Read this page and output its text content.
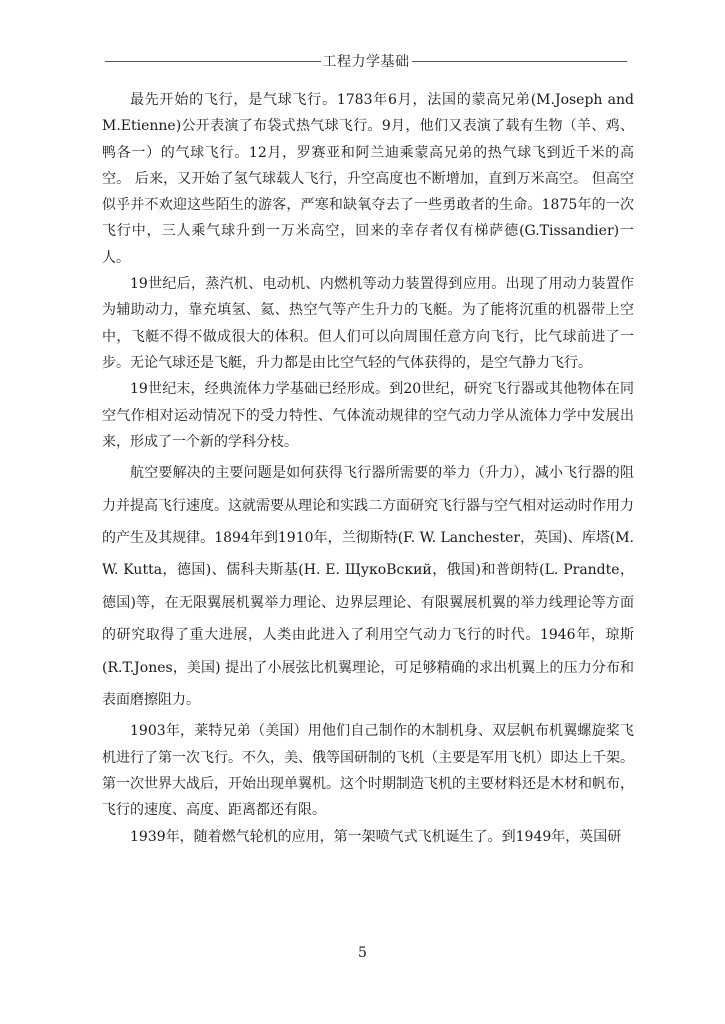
工程力学基础

最先开始的飞行，是气球飞行。1783年6月，法国的蒙高兄弟(M.Joseph and M.Etienne)公开表演了布袋式热气球飞行。9月，他们又表演了载有生物（羊、鸡、鸭各一）的气球飞行。12月，罗赛亚和阿兰迪乘蒙高兄弟的热气球飞到近千米的高空。 后来，又开始了氢气球载人飞行，升空高度也不断增加，直到万米高空。 但高空似乎并不欢迎这些陌生的游客，严寒和缺氧夺去了一些勇敢者的生命。1875年的一次飞行中，三人乘气球升到一万米高空，回来的幸存者仅有梯萨德(G.Tissandier)一人。

19世纪后，蒸汽机、电动机、内燃机等动力装置得到应用。出现了用动力装置作为辅助动力，靠充填氢、氦、热空气等产生升力的飞艇。为了能将沉重的机器带上空中，飞艇不得不做成很大的体积。但人们可以向周围任意方向飞行，比气球前进了一步。无论气球还是飞艇，升力都是由比空气轻的气体获得的，是空气静力飞行。

19世纪末，经典流体力学基础已经形成。到20世纪，研究飞行器或其他物体在同空气作相对运动情况下的受力特性、气体流动规律的空气动力学从流体力学中发展出来，形成了一个新的学科分枝。

航空要解决的主要问题是如何获得飞行器所需要的举力（升力），减小飞行器的阻力并提高飞行速度。这就需要从理论和实践二方面研究飞行器与空气相对运动时作用力的产生及其规律。1894年到1910年，兰彻斯特(F. W. Lanchester，英国)、库塔(M. W. Kutta，德国)、儒科夫斯基(H. E. ЩукоBский，俄国)和普朗特(L. Prandte，德国)等，在无限翼展机翼举力理论、边界层理论、有限翼展机翼的举力线理论等方面的研究取得了重大进展，人类由此进入了利用空气动力飞行的时代。1946年，琼斯(R.T.Jones，美国) 提出了小展弦比机翼理论，可足够精确的求出机翼上的压力分布和表面磨擦阻力。

1903年，莱特兄弟（美国）用他们自己制作的木制机身、双层帆布机翼螺旋桨飞机进行了第一次飞行。不久，美、俄等国研制的飞机（主要是军用飞机）即达上千架。第一次世界大战后，开始出现单翼机。这个时期制造飞机的主要材料还是木材和帆布，飞行的速度、高度、距离都还有限。

1939年，随着燃气轮机的应用，第一架喷气式飞机诞生了。到1949年，英国研

5
